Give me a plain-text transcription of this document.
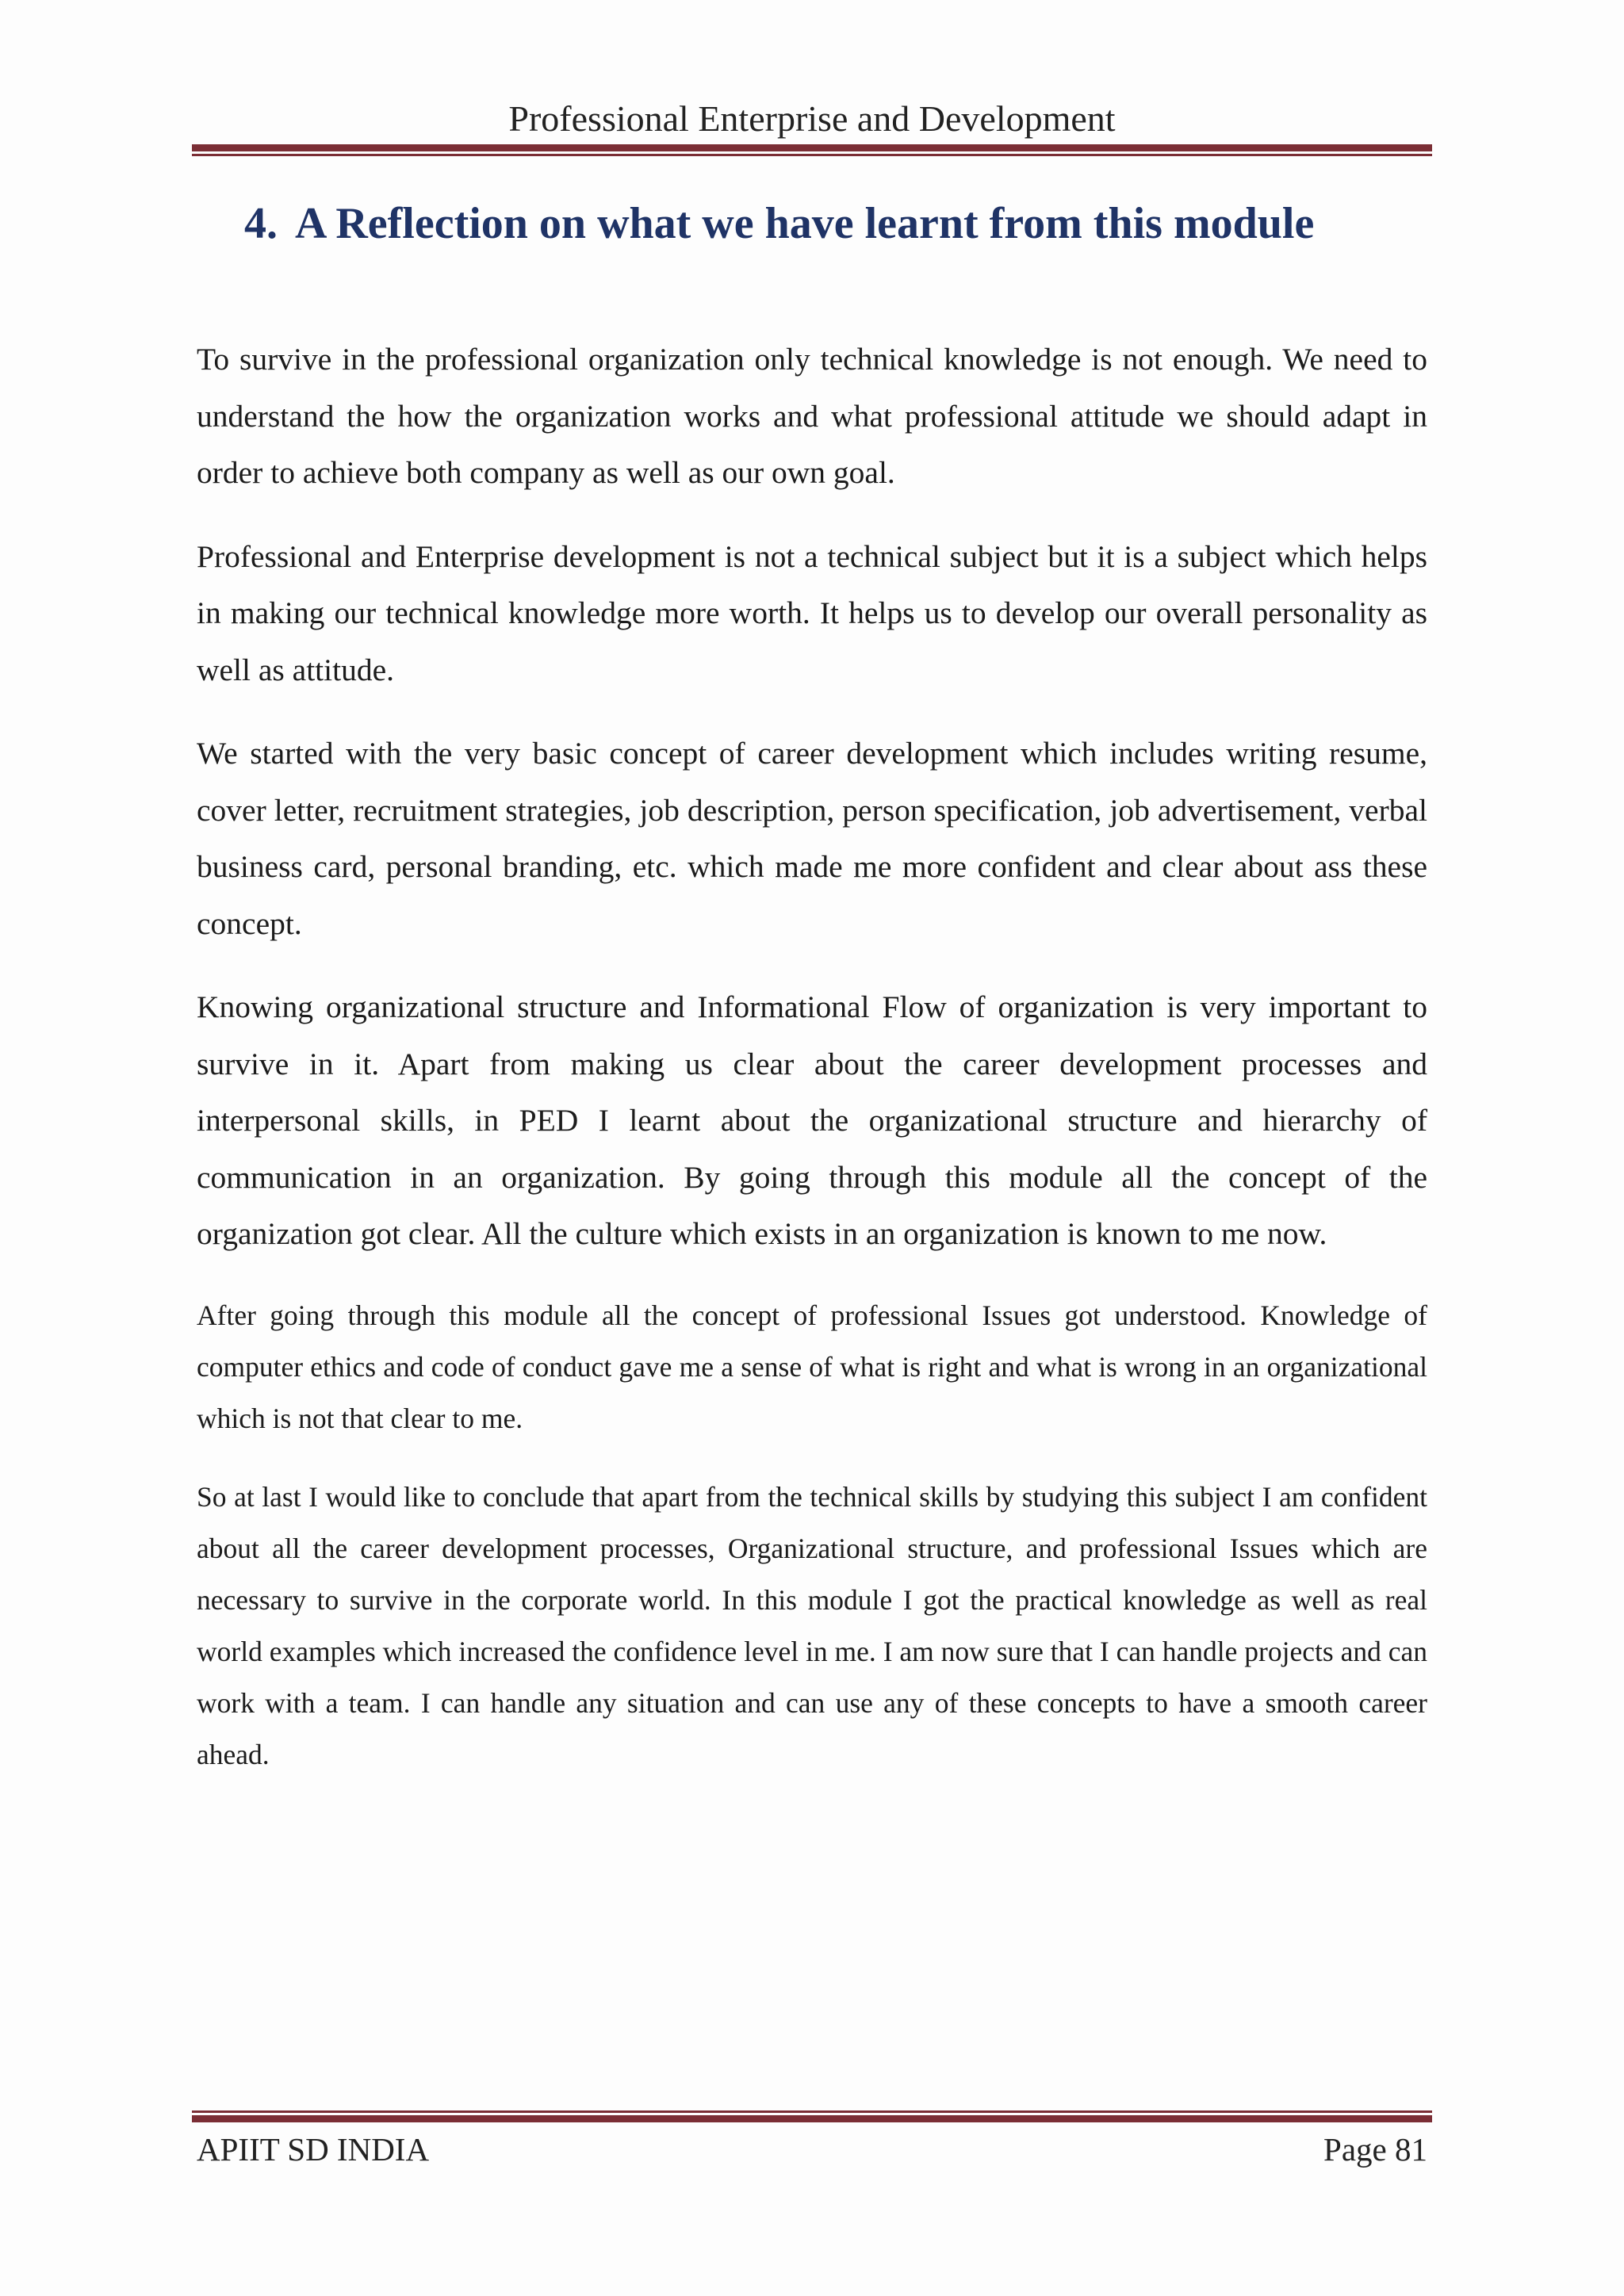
Professional Enterprise and Development
4. A Reflection on what we have learnt from this module

To survive in the professional organization only technical knowledge is not enough. We need to understand the how the organization works and what professional attitude we should adapt in order to achieve both company as well as our own goal.

Professional and Enterprise development is not a technical subject but it is a subject which helps in making our technical knowledge more worth. It helps us to develop our overall personality as well as attitude.

We started with the very basic concept of career development which includes writing resume, cover letter, recruitment strategies, job description, person specification, job advertisement, verbal business card, personal branding, etc. which made me more confident and clear about ass these concept.

Knowing organizational structure and Informational Flow of organization is very important to survive in it. Apart from making us clear about the career development processes and interpersonal skills, in PED I learnt about the organizational structure and hierarchy of communication in an organization. By going through this module all the concept of the organization got clear. All the culture which exists in an organization is known to me now.

After going through this module all the concept of professional Issues got understood. Knowledge of computer ethics and code of conduct gave me a sense of what is right and what is wrong in an organizational which is not that clear to me.

So at last I would like to conclude that apart from the technical skills by studying this subject I am confident about all the career development processes, Organizational structure, and professional Issues which are necessary to survive in the corporate world. In this module I got the practical knowledge as well as real world examples which increased the confidence level in me. I am now sure that I can handle projects and can work with a team. I can handle any situation and can use any of these concepts to have a smooth career ahead.

APIIT SD INDIA	Page 81
